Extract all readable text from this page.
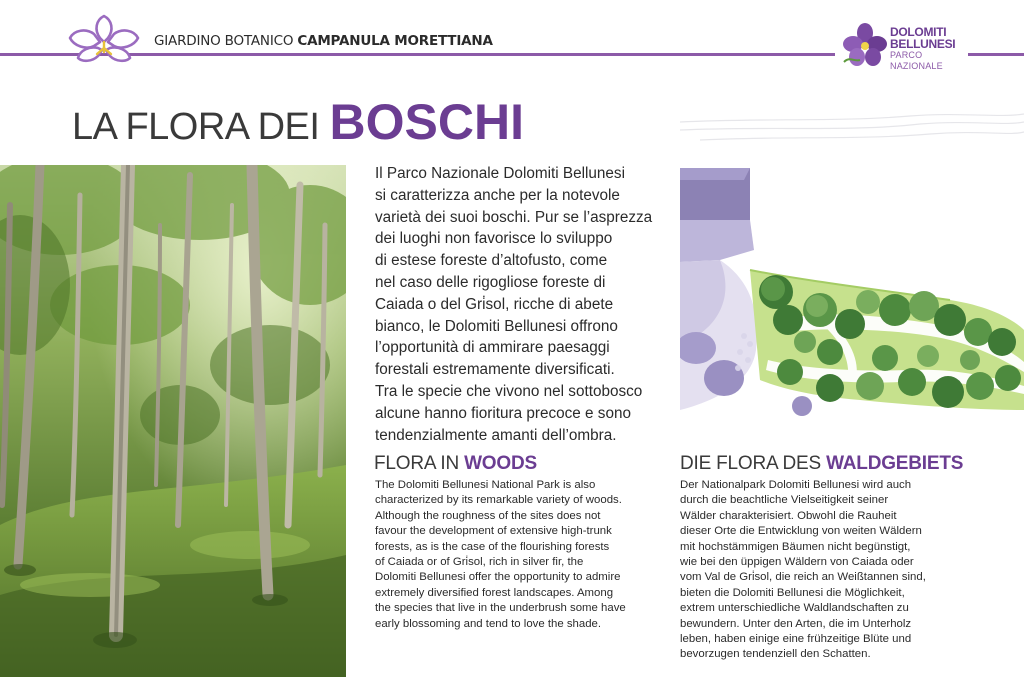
GIARDINO BOTANICO CAMPANULA MORETTIANA
DOLOMITI
BELLUNESI
PARCO NAZIONALE
LA FLORA DEI BOSCHI
Il Parco Nazionale Dolomiti Bellunesi
si caratterizza anche per la notevole
varietà dei suoi boschi. Pur se l’asprezza
dei luoghi non favorisce lo sviluppo
di estese foreste d’altofusto, come
nel caso delle rigogliose foreste di
Caiada o del Gri̇sol, ricche di abete
bianco, le Dolomiti Bellunesi offrono
l’opportunità di ammirare paesaggi
forestali estremamente diversificati.
Tra le specie che vivono nel sottobosco
alcune hanno fioritura precoce e sono
tendenzialmente amanti dell’ombra.
FLORA IN WOODS
The Dolomiti Bellunesi National Park is also
characterized by its remarkable variety of woods.
Although the roughness of the sites does not
favour the development of extensive high-trunk
forests, as is the case of the flourishing forests
of Caiada or of Gri̇sol, rich in silver fir, the
Dolomiti Bellunesi offer the opportunity to admire
extremely diversified forest landscapes. Among
the species that live in the underbrush some have
early blossoming and tend to love the shade.
DIE FLORA DES WALDGEBIETS
Der Nationalpark Dolomiti Bellunesi wird auch
durch die beachtliche Vielseitigkeit seiner
Wälder charakterisiert. Obwohl die Rauheit
dieser Orte die Entwicklung von weiten Wäldern
mit hochstämmigen Bäumen nicht begünstigt,
wie bei den üppigen Wäldern von Caiada oder
vom Val de Gri̇sol, die reich an Weißtannen sind,
bieten die Dolomiti Bellunesi die Möglichkeit,
extrem unterschiedliche Waldlandschaften zu
bewundern. Unter den Arten, die im Unterholz
leben, haben einige eine frühzeitige Blüte und
bevorzugen tendenziell den Schatten.
